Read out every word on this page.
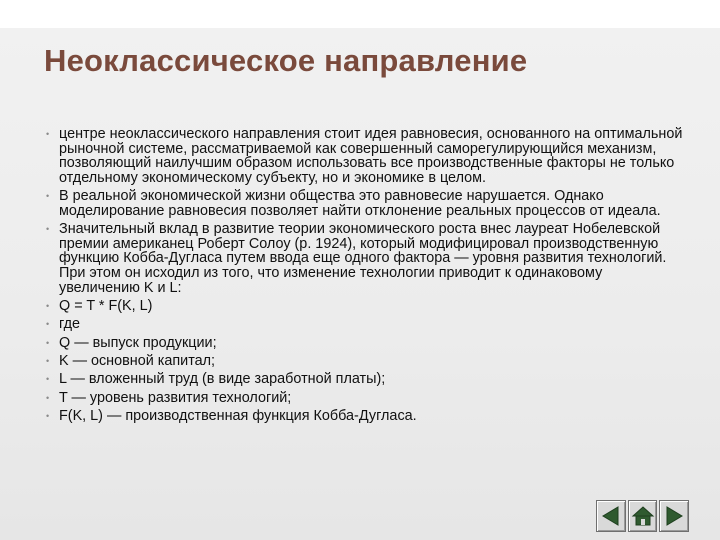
Неоклассическое направление
• центре неоклассического направления стоит идея равновесия, основанного на оптимальной рыночной системе, рассматриваемой как совершенный саморегулирующийся механизм, позволяющий наилучшим образом использовать все производственные факторы не только отдельному экономическому субъекту, но и экономике в целом.
• В реальной экономической жизни общества это равновесие нарушается. Однако моделирование равновесия позволяет найти отклонение реальных процессов от идеала.
• Значительный вклад в развитие теории экономического роста внес лауреат Нобелевской премии американец Роберт Солоу (р. 1924), который модифицировал производственную функцию Кобба-Дугласа путем ввода еще одного фактора — уровня развития технологий. При этом он исходил из того, что изменение технологии приводит к одинаковому увеличению K и L:
• Q = T * F(K, L)
• где
• Q — выпуск продукции;
• K — основной капитал;
• L — вложенный труд (в виде заработной платы);
• T — уровень развития технологий;
• F(K, L) — производственная функция Кобба-Дугласа.
